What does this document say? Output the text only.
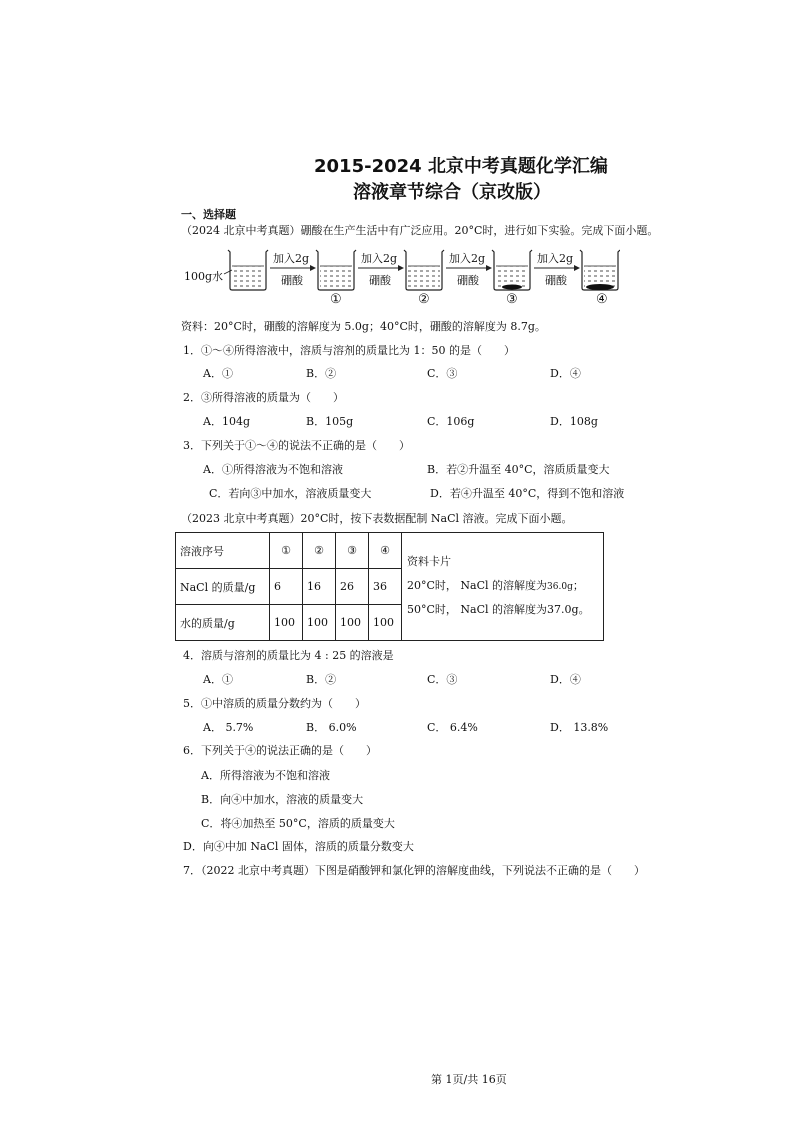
2015-2024 北京中考真题化学汇编
溶液章节综合（京改版）
一、选择题
（2024 北京中考真题）硼酸在生产生活中有广泛应用。20°C时，进行如下实验。完成下面小题。
100g水
加入2g
硼酸
加入2g
硼酸
加入2g
硼酸
加入2g
硼酸
①	②	③	④
资料：20°C时，硼酸的溶解度为 5.0g；40°C时，硼酸的溶解度为 8.7g。
1．①～④所得溶液中，溶质与溶剂的质量比为 1：50 的是（　　）
A．①	B．②	C．③	D．④
2．③所得溶液的质量为（　　）
A．104g	B．105g	C．106g	D．108g
3．下列关于①～④的说法不正确的是（　　）
A．①所得溶液为不饱和溶液	B．若②升温至 40°C，溶质质量变大
C．若向③中加水，溶液质量变大	D．若④升温至 40°C，得到不饱和溶液
（2023 北京中考真题）20°C时，按下表数据配制 NaCl 溶液。完成下面小题。
溶液序号	①	②	③	④
NaCl 的质量/g	6	16	26	36
水的质量/g	100	100	100	100
资料卡片
20°C时， NaCl 的溶解度为36.0g；
50°C时， NaCl 的溶解度为37.0g。
4．溶质与溶剂的质量比为 4 : 25 的溶液是
A．①	B．②	C．③	D．④
5．①中溶质的质量分数约为（　　）
A． 5.7%	B． 6.0%	C． 6.4%	D． 13.8%
6．下列关于④的说法正确的是（　　）
A．所得溶液为不饱和溶液
B．向④中加水，溶液的质量变大
C．将④加热至 50°C，溶质的质量变大
D．向④中加 NaCl 固体，溶质的质量分数变大
7．（2022 北京中考真题）下图是硝酸钾和氯化钾的溶解度曲线，下列说法不正确的是（　　）
第 1页/共 16页
